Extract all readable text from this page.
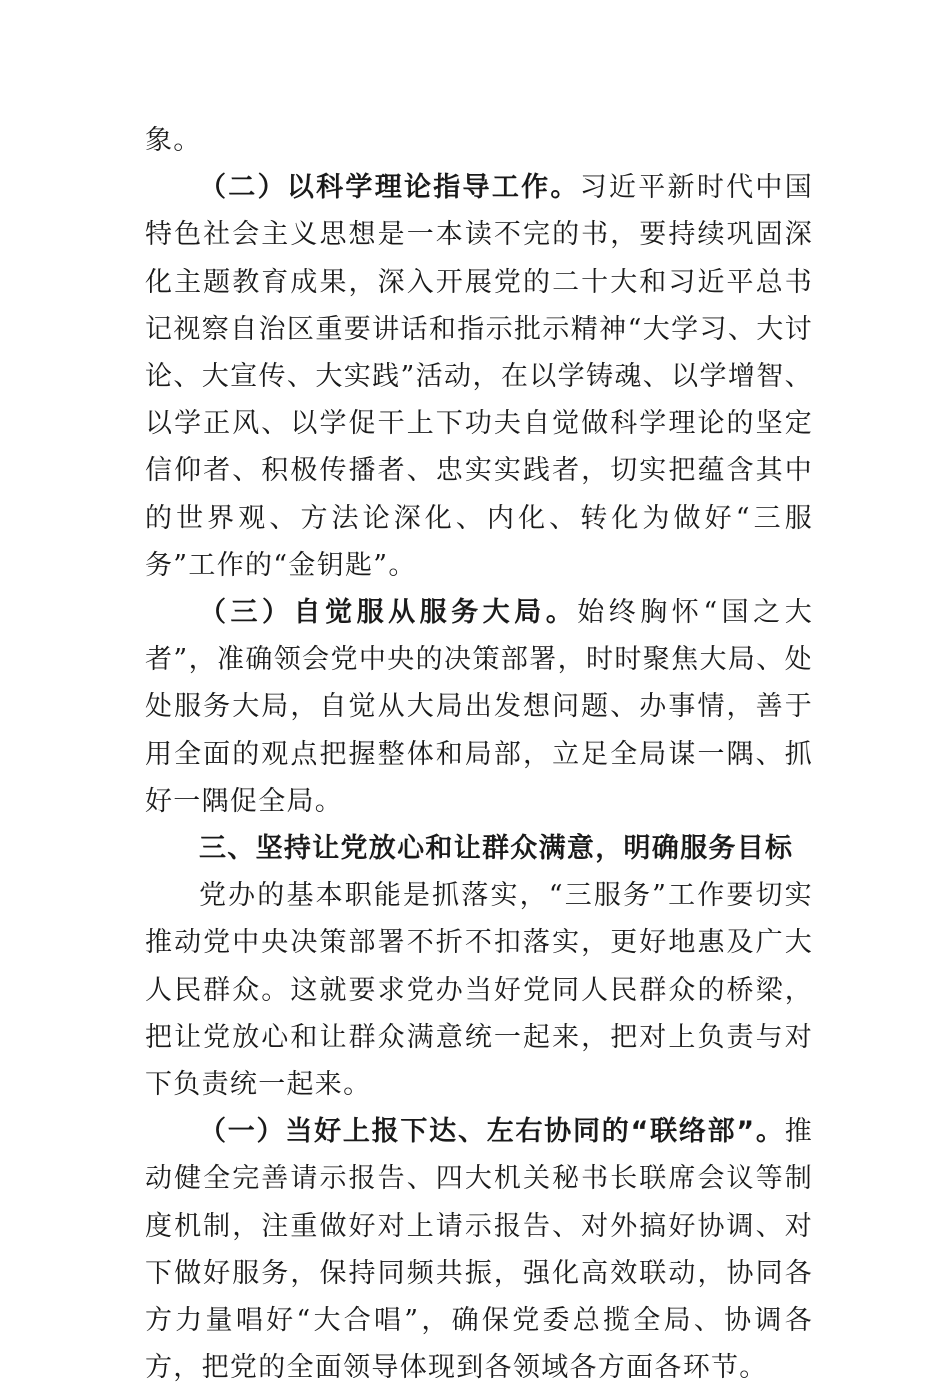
象。

（二）以科学理论指导工作。习近平新时代中国特色社会主义思想是一本读不完的书，要持续巩固深化主题教育成果，深入开展党的二十大和习近平总书记视察自治区重要讲话和指示批示精神“大学习、大讨论、大宣传、大实践”活动，在以学铸魂、以学增智、以学正风、以学促干上下功夫自觉做科学理论的坚定信仰者、积极传播者、忠实实践者，切实把蕴含其中的世界观、方法论深化、内化、转化为做好“三服务”工作的“金钥匙”。

（三）自觉服从服务大局。始终胸怀“国之大者”，准确领会党中央的决策部署，时时聚焦大局、处处服务大局，自觉从大局出发想问题、办事情，善于用全面的观点把握整体和局部，立足全局谋一隅、抓好一隅促全局。

三、坚持让党放心和让群众满意，明确服务目标

党办的基本职能是抓落实，“三服务”工作要切实推动党中央决策部署不折不扣落实，更好地惠及广大人民群众。这就要求党办当好党同人民群众的桥梁，把让党放心和让群众满意统一起来，把对上负责与对下负责统一起来。

（一）当好上报下达、左右协同的“联络部”。推动健全完善请示报告、四大机关秘书长联席会议等制度机制，注重做好对上请示报告、对外搞好协调、对下做好服务，保持同频共振，强化高效联动，协同各方力量唱好“大合唱”，确保党委总揽全局、协调各方，把党的全面领导体现到各领域各方面各环节。
